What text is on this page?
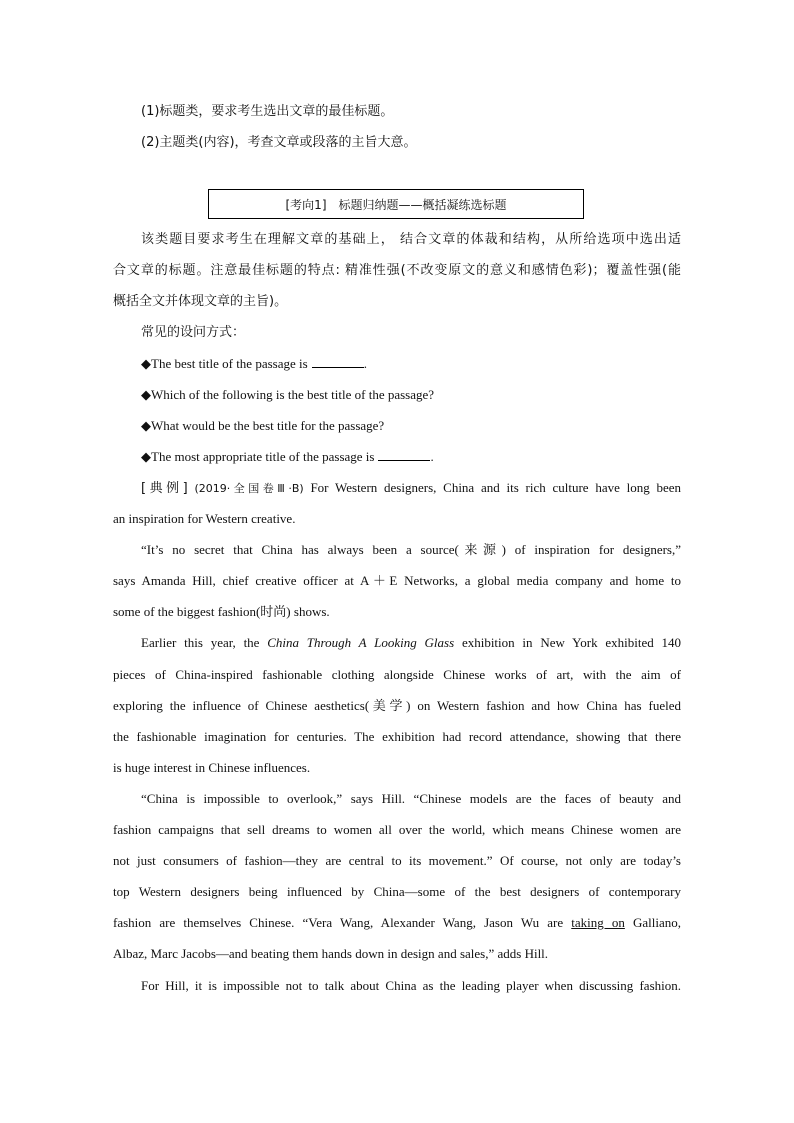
(1)标题类，要求考生选出文章的最佳标题。
(2)主题类(内容)，考查文章或段落的主旨大意。
[考向1]　标题归纳题——概括凝练选标题
该类题目要求考生在理解文章的基础上， 结合文章的体裁和结构，从所给选项中选出适
合文章的标题。注意最佳标题的特点: 精准性强(不改变原文的意义和感情色彩)；覆盖性强(能
概括全文并体现文章的主旨)。
常见的设问方式：
◆The best title of the passage is	.
◆Which of the following is the best title of the passage?
◆What would be the best title for the passage?
◆The most appropriate title of the passage is	.
[典例] (2019·全国卷Ⅲ·B) For Western designers, China and its rich culture have long been
an inspiration for Western creative.
“It’s no secret that China has always been a source(来源) of inspiration for designers,”
says Amanda Hill, chief creative officer at A＋E Networks, a global media company and home to
some of the biggest fashion(时尚) shows.
Earlier this year, the China Through A Looking Glass exhibition in New York exhibited 140
pieces of China-inspired fashionable clothing alongside Chinese works of art, with the aim of
exploring the influence of Chinese aesthetics(美学) on Western fashion and how China has fueled
the fashionable imagination for centuries. The exhibition had record attendance, showing that there
is huge interest in Chinese influences.
“China is impossible to overlook,” says Hill. “Chinese models are the faces of beauty and
fashion campaigns that sell dreams to women all over the world, which means Chinese women are
not just consumers of fashion—they are central to its movement.” Of course, not only are today’s
top Western designers being influenced by China—some of the best designers of contemporary
fashion are themselves Chinese. “Vera Wang, Alexander Wang, Jason Wu are taking on Galliano,
Albaz, Marc Jacobs—and beating them hands down in design and sales,” adds Hill.
For Hill, it is impossible not to talk about China as the leading player when discussing fashion.
